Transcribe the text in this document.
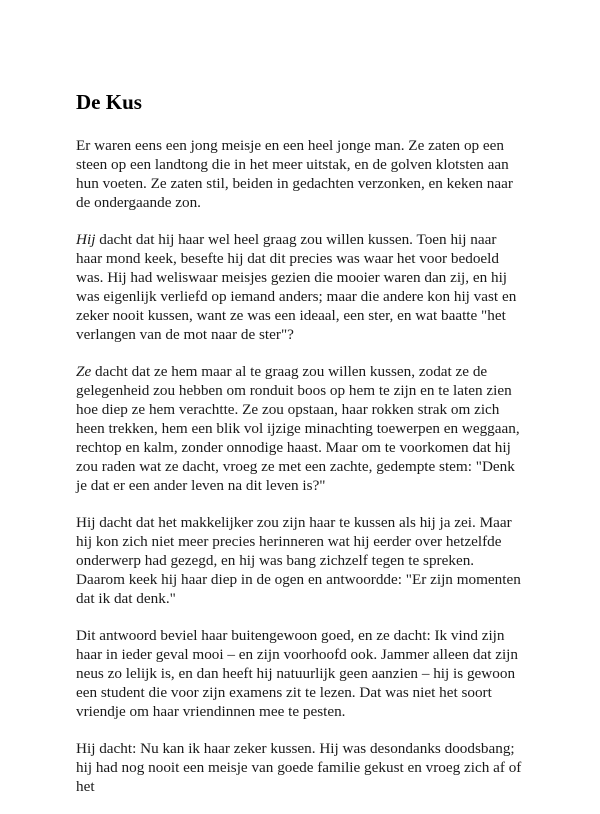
De Kus

Er waren eens een jong meisje en een heel jonge man. Ze zaten op een steen op een landtong die in het meer uitstak, en de golven klotsten aan hun voeten. Ze zaten stil, beiden in gedachten verzonken, en keken naar de ondergaande zon.

Hij dacht dat hij haar wel heel graag zou willen kussen. Toen hij naar haar mond keek, besefte hij dat dit precies was waar het voor bedoeld was. Hij had weliswaar meisjes gezien die mooier waren dan zij, en hij was eigenlijk verliefd op iemand anders; maar die andere kon hij vast en zeker nooit kussen, want ze was een ideaal, een ster, en wat baatte "het verlangen van de mot naar de ster"?

Ze dacht dat ze hem maar al te graag zou willen kussen, zodat ze de gelegenheid zou hebben om ronduit boos op hem te zijn en te laten zien hoe diep ze hem verachtte. Ze zou opstaan, haar rokken strak om zich heen trekken, hem een blik vol ijzige minachting toewerpen en weggaan, rechtop en kalm, zonder onnodige haast. Maar om te voorkomen dat hij zou raden wat ze dacht, vroeg ze met een zachte, gedempte stem: "Denk je dat er een ander leven na dit leven is?"

Hij dacht dat het makkelijker zou zijn haar te kussen als hij ja zei. Maar hij kon zich niet meer precies herinneren wat hij eerder over hetzelfde onderwerp had gezegd, en hij was bang zichzelf tegen te spreken. Daarom keek hij haar diep in de ogen en antwoordde: "Er zijn momenten dat ik dat denk."

Dit antwoord beviel haar buitengewoon goed, en ze dacht: Ik vind zijn haar in ieder geval mooi – en zijn voorhoofd ook. Jammer alleen dat zijn neus zo lelijk is, en dan heeft hij natuurlijk geen aanzien – hij is gewoon een student die voor zijn examens zit te lezen. Dat was niet het soort vriendje om haar vriendinnen mee te pesten.

Hij dacht: Nu kan ik haar zeker kussen. Hij was desondanks doodsbang; hij had nog nooit een meisje van goede familie gekust en vroeg zich af of het
